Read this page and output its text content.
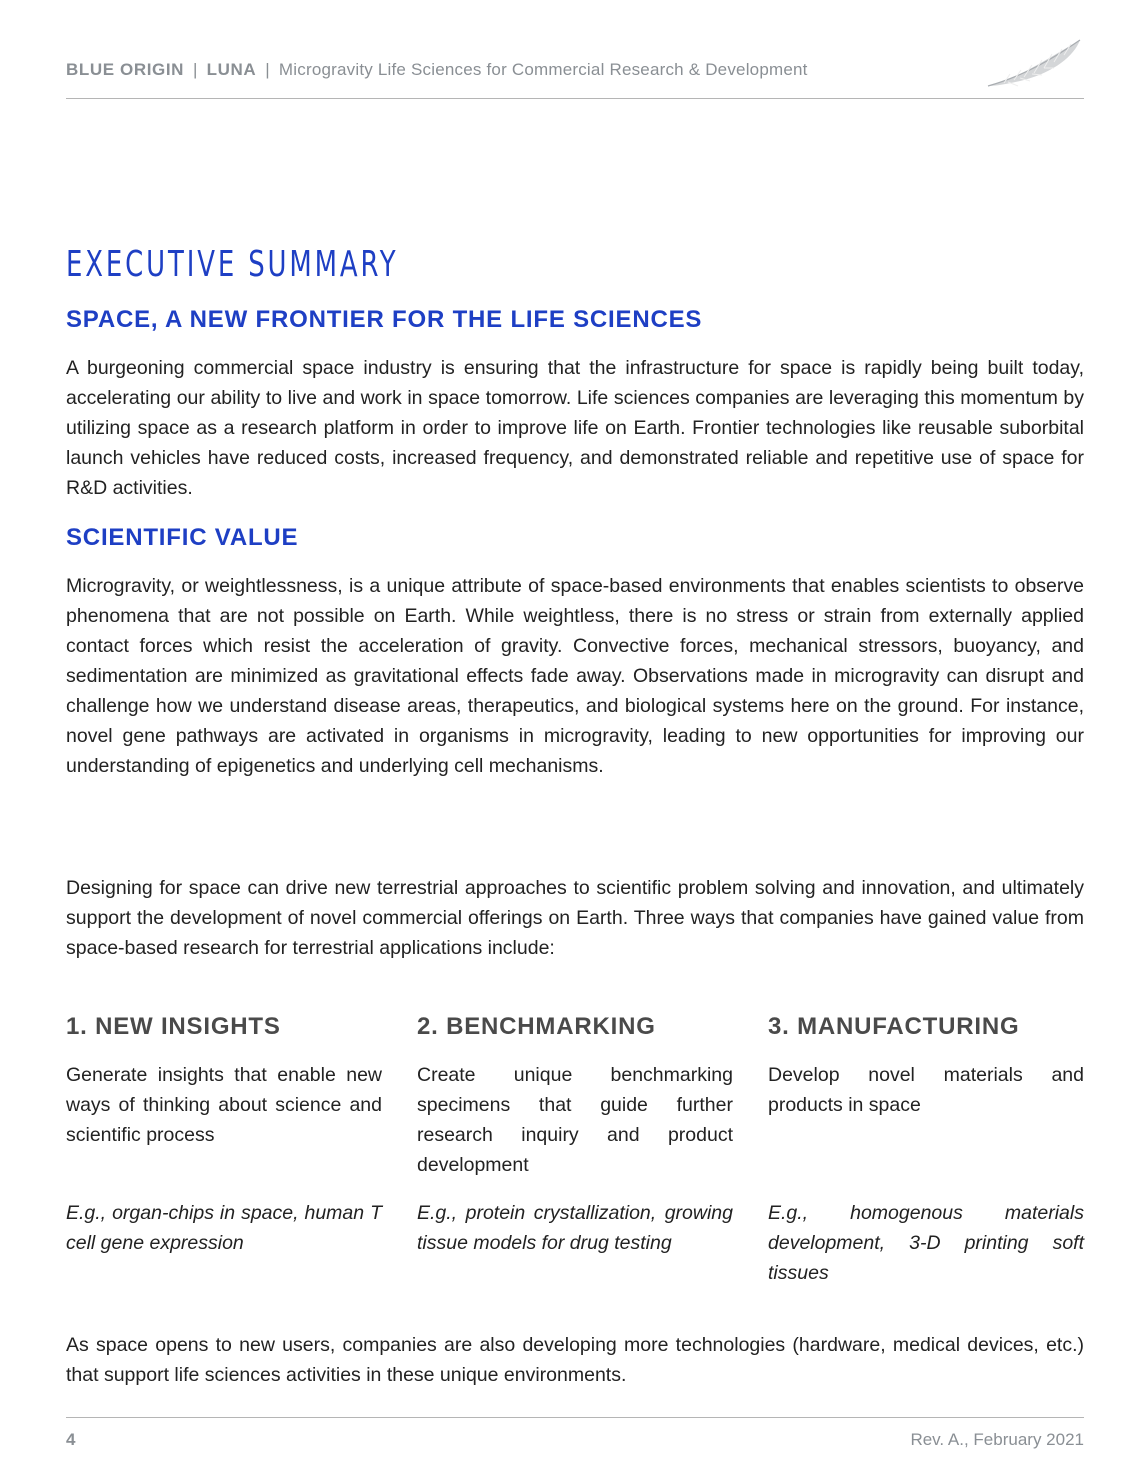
BLUE ORIGIN | LUNA | Microgravity Life Sciences for Commercial Research & Development
EXECUTIVE SUMMARY
SPACE, A NEW FRONTIER FOR THE LIFE SCIENCES

A burgeoning commercial space industry is ensuring that the infrastructure for space is rapidly being built today, accelerating our ability to live and work in space tomorrow. Life sciences companies are leveraging this momentum by utilizing space as a research platform in order to improve life on Earth. Frontier technologies like reusable suborbital launch vehicles have reduced costs, increased frequency, and demonstrated reliable and repetitive use of space for R&D activities.

SCIENTIFIC VALUE

Microgravity, or weightlessness, is a unique attribute of space-based environments that enables scientists to observe phenomena that are not possible on Earth. While weightless, there is no stress or strain from externally applied contact forces which resist the acceleration of gravity. Convective forces, mechanical stressors, buoyancy, and sedimentation are minimized as gravitational effects fade away. Observations made in microgravity can disrupt and challenge how we understand disease areas, therapeutics, and biological systems here on the ground. For instance, novel gene pathways are activated in organisms in microgravity, leading to new opportunities for improving our understanding of epigenetics and underlying cell mechanisms.

Designing for space can drive new terrestrial approaches to scientific problem solving and innovation, and ultimately support the development of novel commercial offerings on Earth. Three ways that companies have gained value from space-based research for terrestrial applications include:

1. NEW INSIGHTS

Generate insights that enable new ways of thinking about science and scientific process

E.g., organ-chips in space, human T cell gene expression

2. BENCHMARKING

Create unique benchmarking specimens that guide further research inquiry and product development

E.g., protein crystallization, growing tissue models for drug testing

3. MANUFACTURING

Develop novel materials and products in space

E.g., homogenous materials development, 3-D printing soft tissues

As space opens to new users, companies are also developing more technologies (hardware, medical devices, etc.) that support life sciences activities in these unique environments.

4	Rev. A., February 2021
